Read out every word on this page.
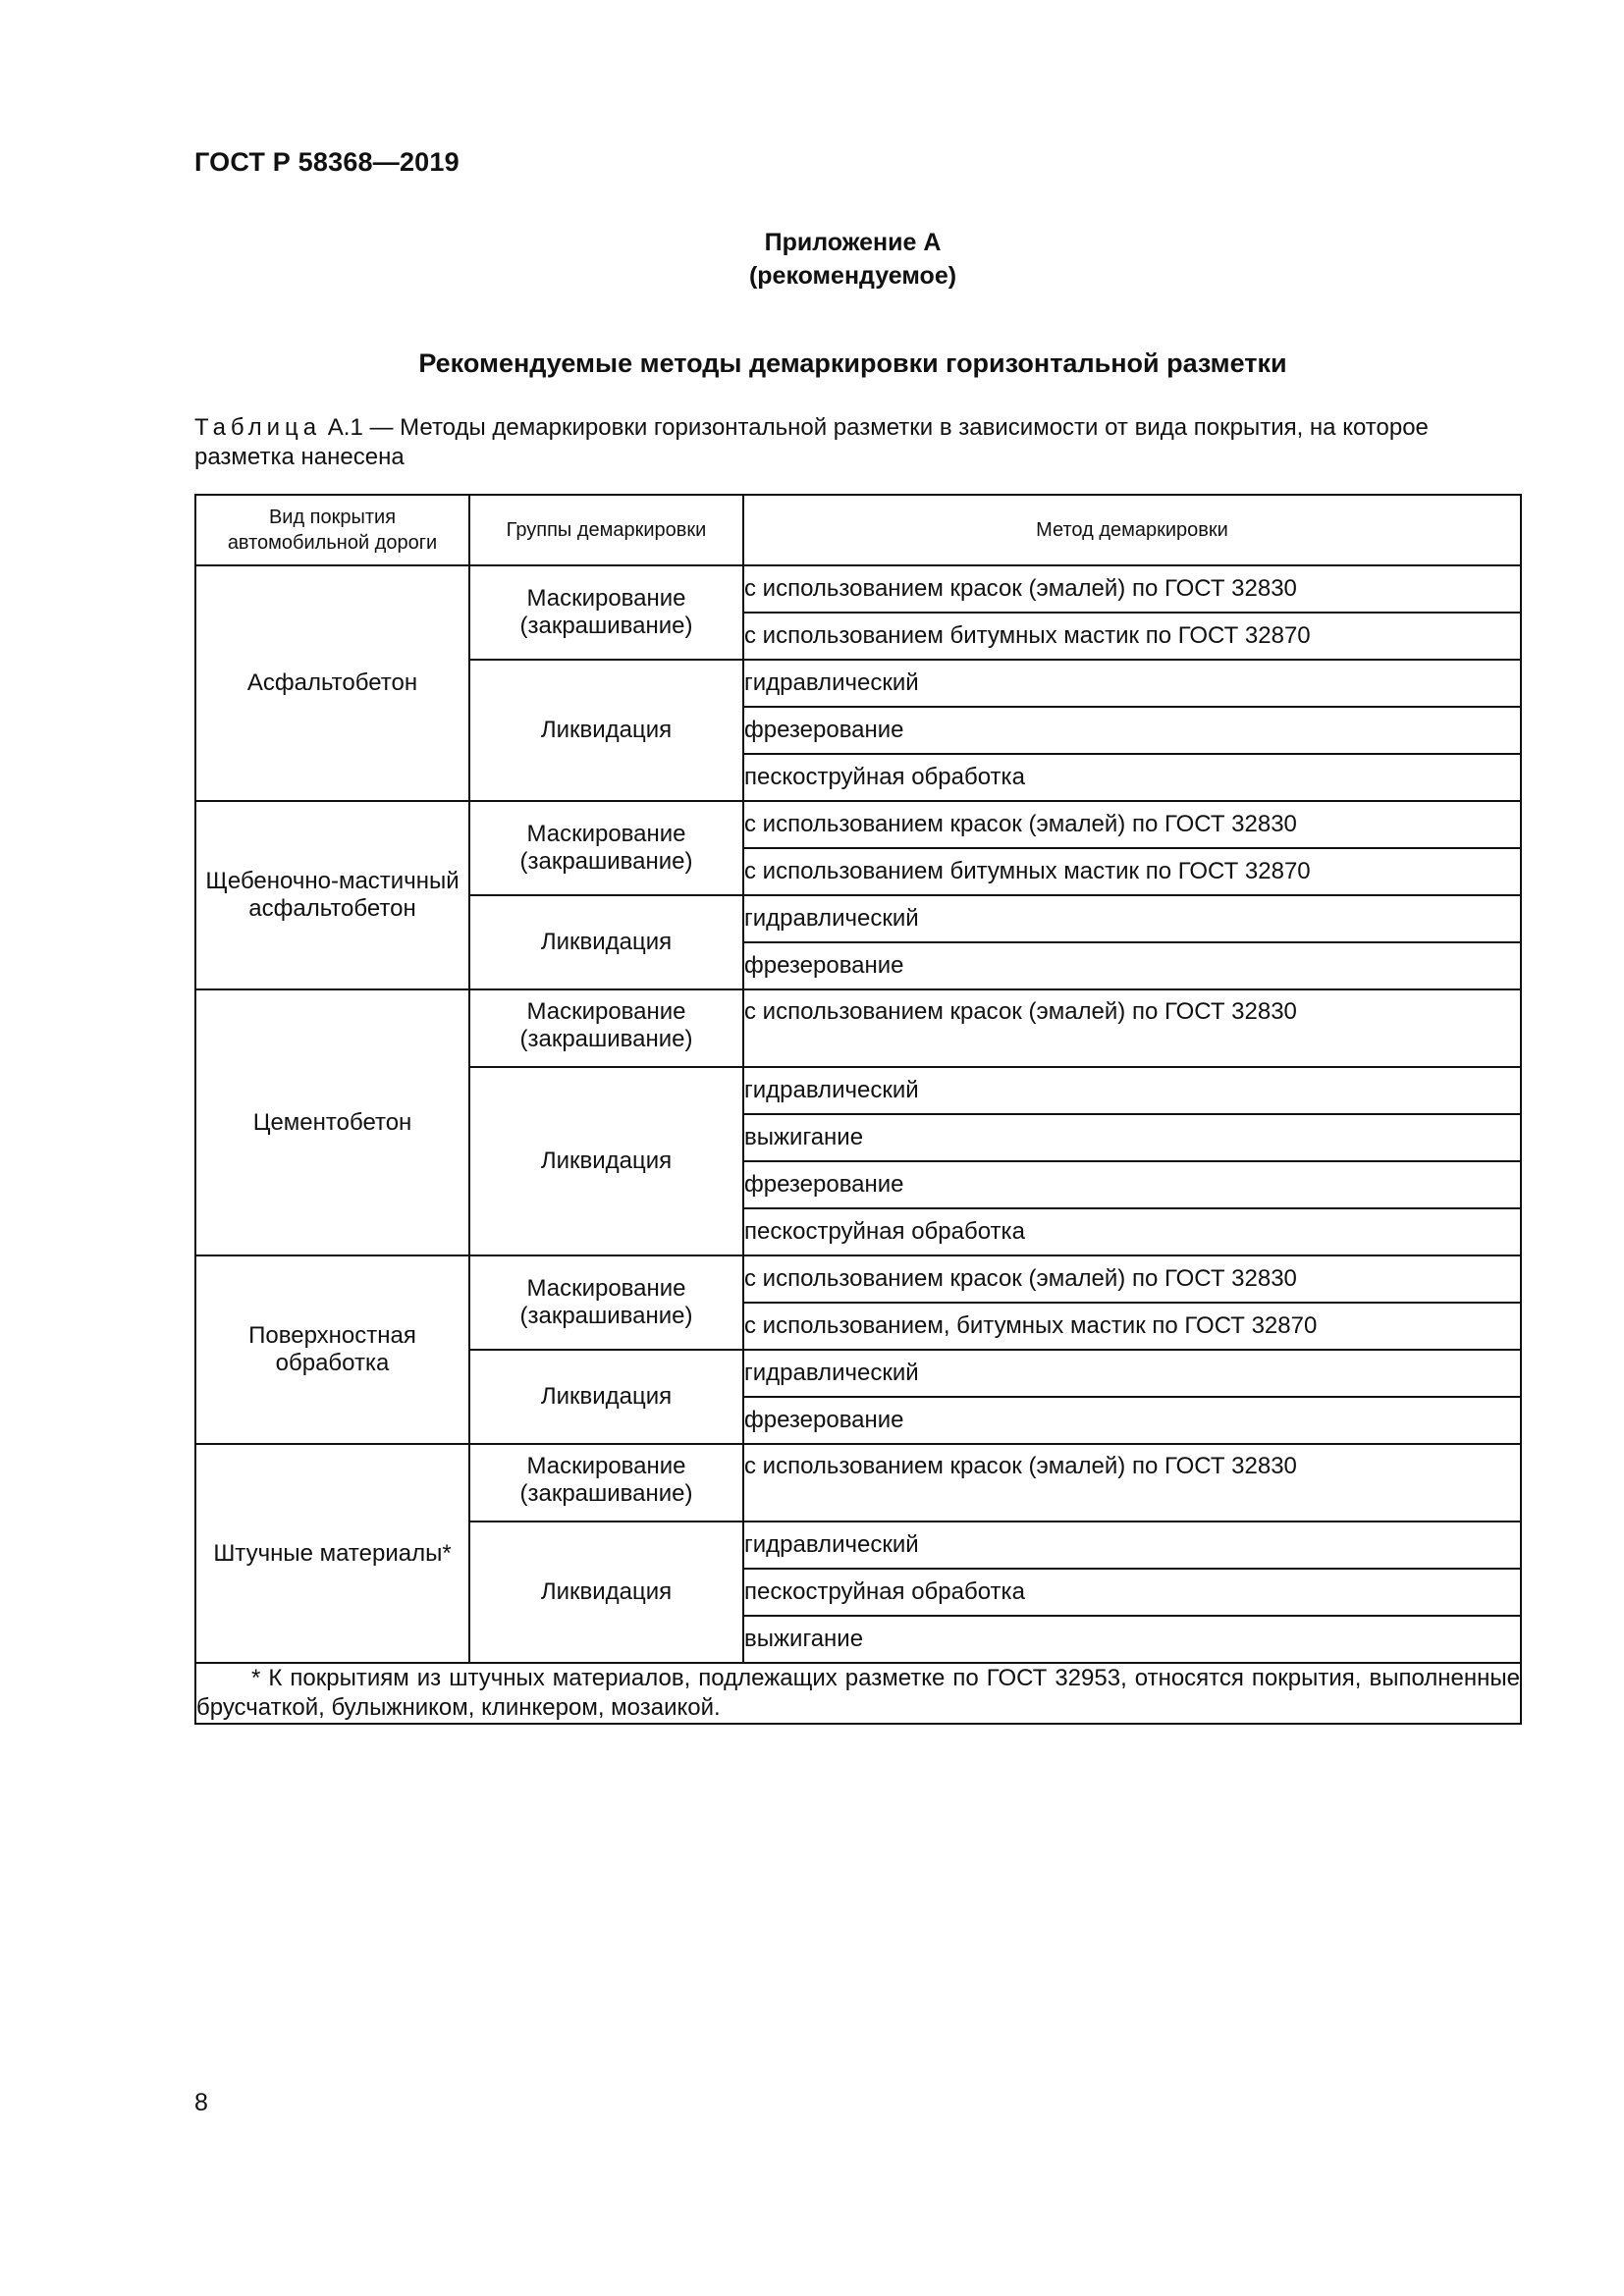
ГОСТ Р 58368—2019
Приложение А
(рекомендуемое)
Рекомендуемые методы демаркировки горизонтальной разметки
Таблица А.1 — Методы демаркировки горизонтальной разметки в зависимости от вида покрытия, на которое
разметка нанесена
Вид покрытия автомобильной дороги	Группы демаркировки	Метод демаркировки
Асфальтобетон	Маскирование (закрашивание)	с использованием красок (эмалей) по ГОСТ 32830
		с использованием битумных мастик по ГОСТ 32870
	Ликвидация	гидравлический
		фрезерование
		пескоструйная обработка
Щебеночно-мастичный асфальтобетон	Маскирование (закрашивание)	с использованием красок (эмалей) по ГОСТ 32830
		с использованием битумных мастик по ГОСТ 32870
	Ликвидация	гидравлический
		фрезерование
Цементобетон	Маскирование (закрашивание)	с использованием красок (эмалей) по ГОСТ 32830
	Ликвидация	гидравлический
		выжигание
		фрезерование
		пескоструйная обработка
Поверхностная обработка	Маскирование (закрашивание)	с использованием красок (эмалей) по ГОСТ 32830
		с использованием, битумных мастик по ГОСТ 32870
	Ликвидация	гидравлический
		фрезерование
Штучные материалы*	Маскирование (закрашивание)	с использованием красок (эмалей) по ГОСТ 32830
	Ликвидация	гидравлический
		пескоструйная обработка
		выжигание

* К покрытиям из штучных материалов, подлежащих разметке по ГОСТ 32953, относятся покрытия, выполненные брусчаткой, булыжником, клинкером, мозаикой.		
8
